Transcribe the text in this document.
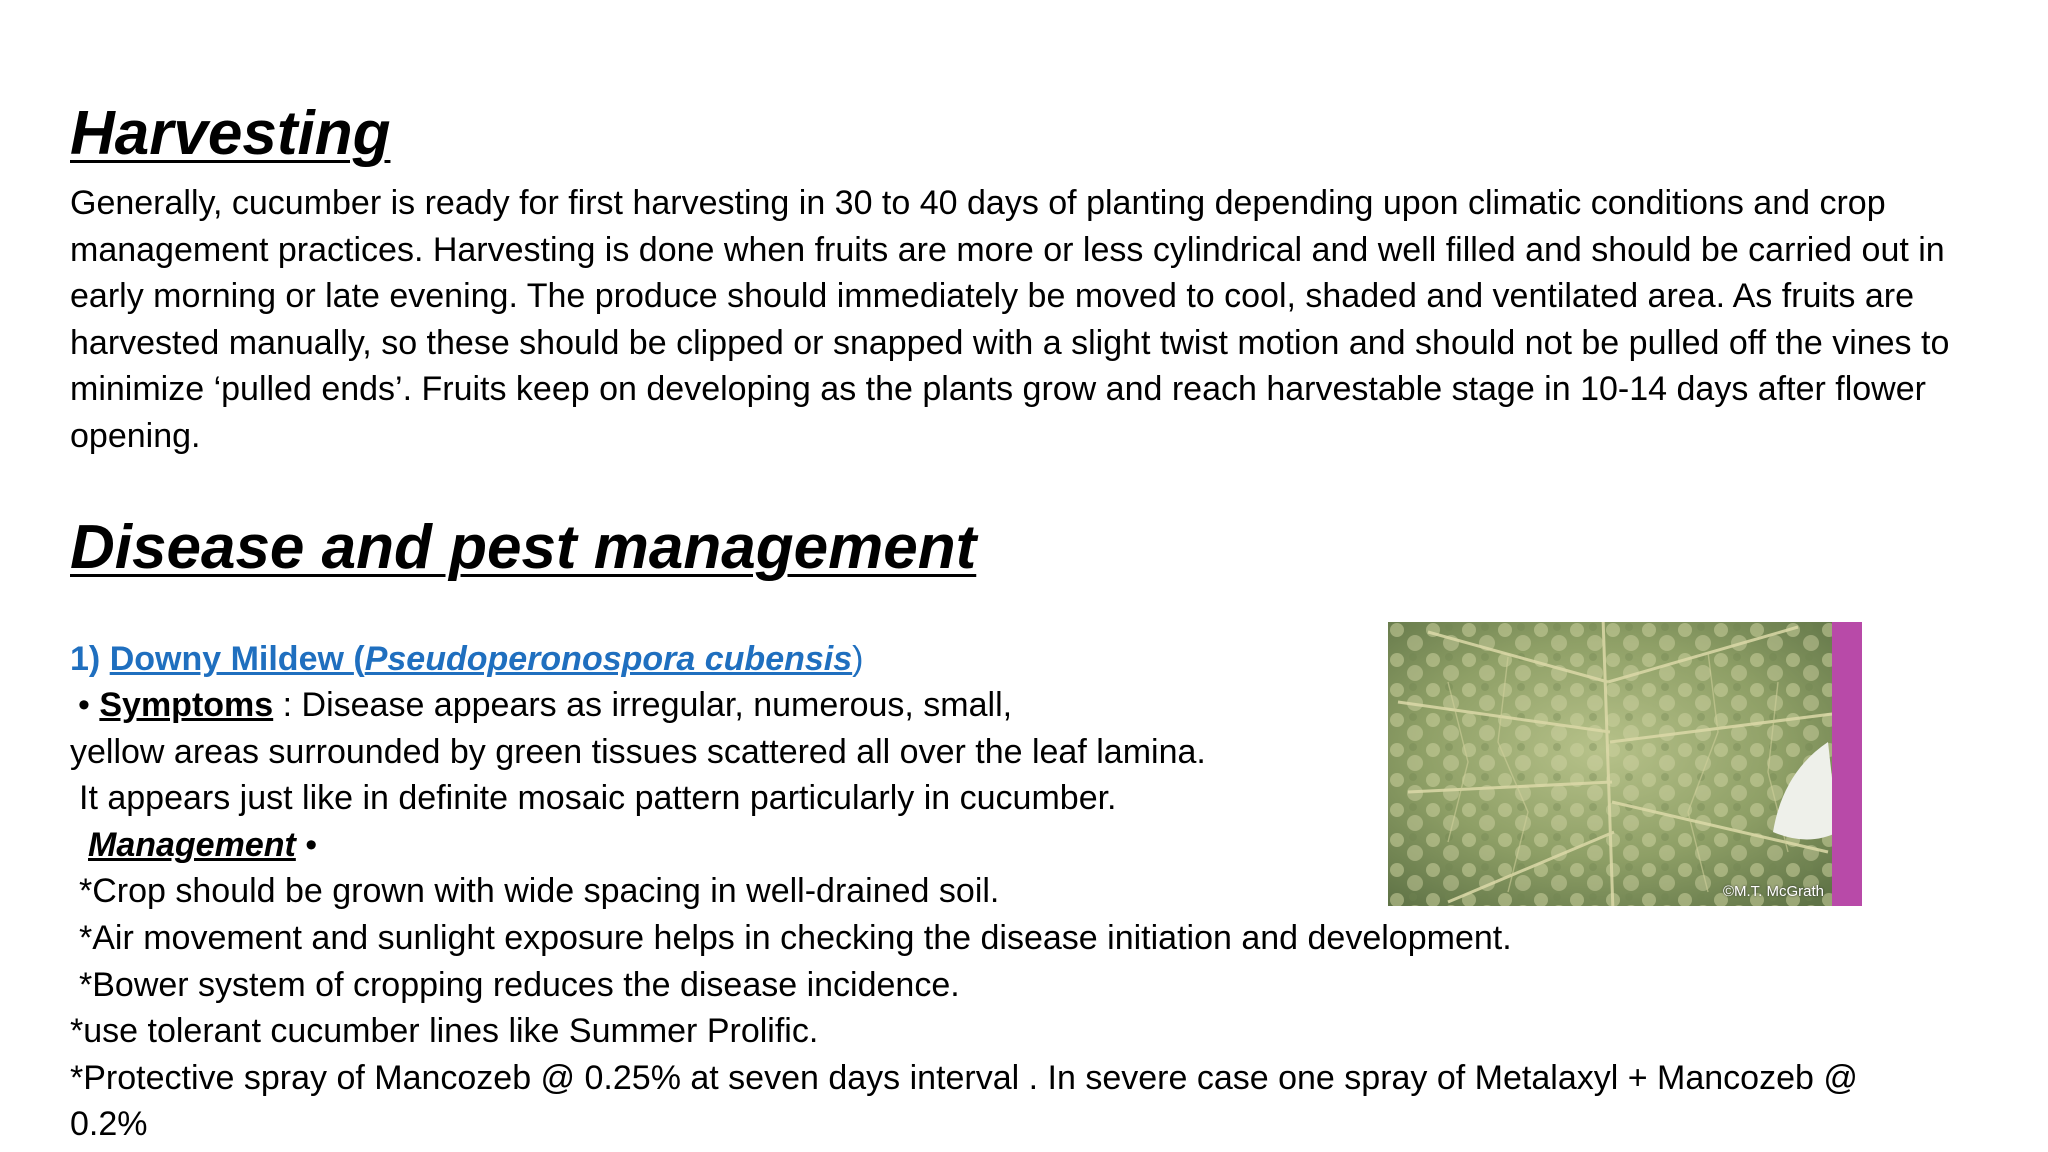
Harvesting

Generally, cucumber is ready for first harvesting in 30 to 40 days of planting depending upon climatic conditions and crop management practices. Harvesting is done when fruits are more or less cylindrical and well filled and should be carried out in early morning or late evening. The produce should immediately be moved to cool, shaded and ventilated area. As fruits are harvested manually, so these should be clipped or snapped with a slight twist motion and should not be pulled off the vines to minimize ‘pulled ends’. Fruits keep on developing as the plants grow and reach harvestable stage in 10-14 days after flower opening.

Disease and pest management
1) Downy Mildew (Pseudoperonospora cubensis)
• Symptoms : Disease appears as irregular, numerous, small,
yellow areas surrounded by green tissues scattered all over the leaf lamina.
It appears just like in definite mosaic pattern particularly in cucumber.
Management •
*Crop should be grown with wide spacing in well-drained soil.
*Air movement and sunlight exposure helps in checking the disease initiation and development.
*Bower system of cropping reduces the disease incidence.
*use tolerant cucumber lines like Summer Prolific.
*Protective spray of Mancozeb @ 0.25% at seven days interval . In severe case one spray of Metalaxyl + Mancozeb @
0.2%
©M.T. McGrath
